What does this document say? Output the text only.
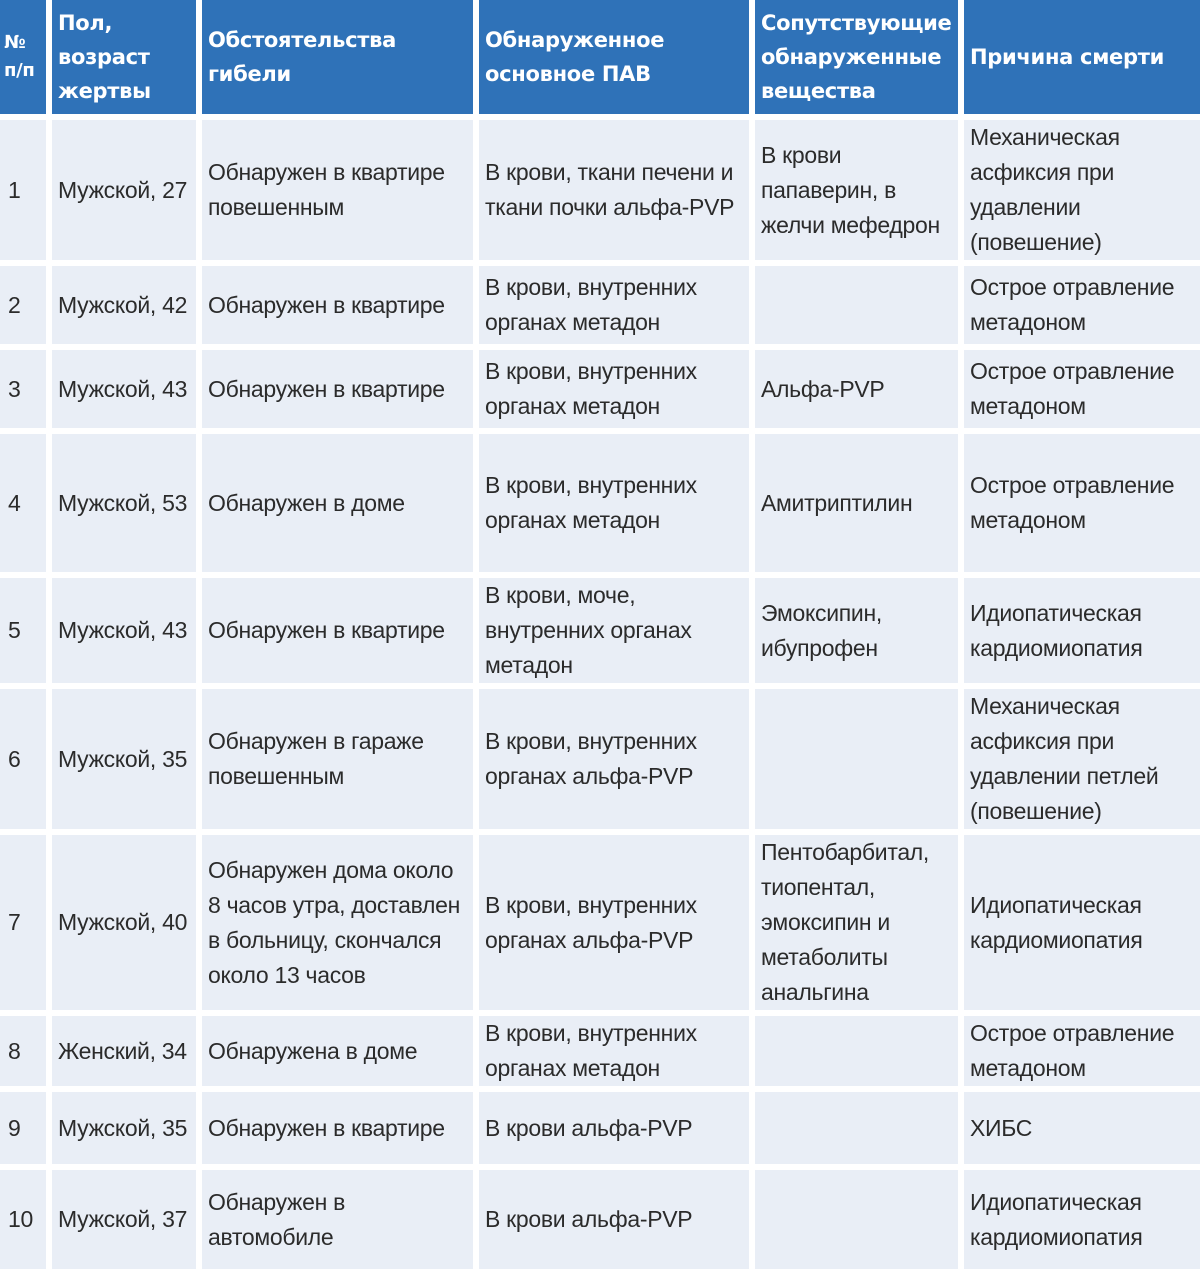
№ п/п	Пол, возраст жертвы	Обстоятельства гибели	Обнаруженное основное ПАВ	Сопутствующие обнаруженные вещества	Причина смерти
1	Мужской, 27	Обнаружен в квартире повешенным	В крови, ткани печени и ткани почки альфа-PVP	В крови папаверин, в желчи мефедрон	Механическая асфиксия при удавлении (повешение)
2	Мужской, 42	Обнаружен в квартире	В крови, внутренних органах метадон		Острое отравление метадоном
3	Мужской, 43	Обнаружен в квартире	В крови, внутренних органах метадон	Альфа-PVP	Острое отравление метадоном
4	Мужской, 53	Обнаружен в доме	В крови, внутренних органах метадон	Амитриптилин	Острое отравление метадоном
5	Мужской, 43	Обнаружен в квартире	В крови, моче, внутренних органах метадон	Эмоксипин, ибупрофен	Идиопатическая кардиомиопатия
6	Мужской, 35	Обнаружен в гараже повешенным	В крови, внутренних органах альфа-PVP		Механическая асфиксия при удавлении петлей (повешение)
7	Мужской, 40	Обнаружен дома около 8 часов утра, доставлен в больницу, скончался около 13 часов	В крови, внутренних органах альфа-PVP	Пентобарбитал, тиопентал, эмоксипин и метаболиты анальгина	Идиопатическая кардиомиопатия
8	Женский, 34	Обнаружена в доме	В крови, внутренних органах метадон		Острое отравление метадоном
9	Мужской, 35	Обнаружен в квартире	В крови альфа-PVP		ХИБС
10	Мужской, 37	Обнаружен в автомобиле	В крови альфа-PVP		Идиопатическая кардиомиопатия
